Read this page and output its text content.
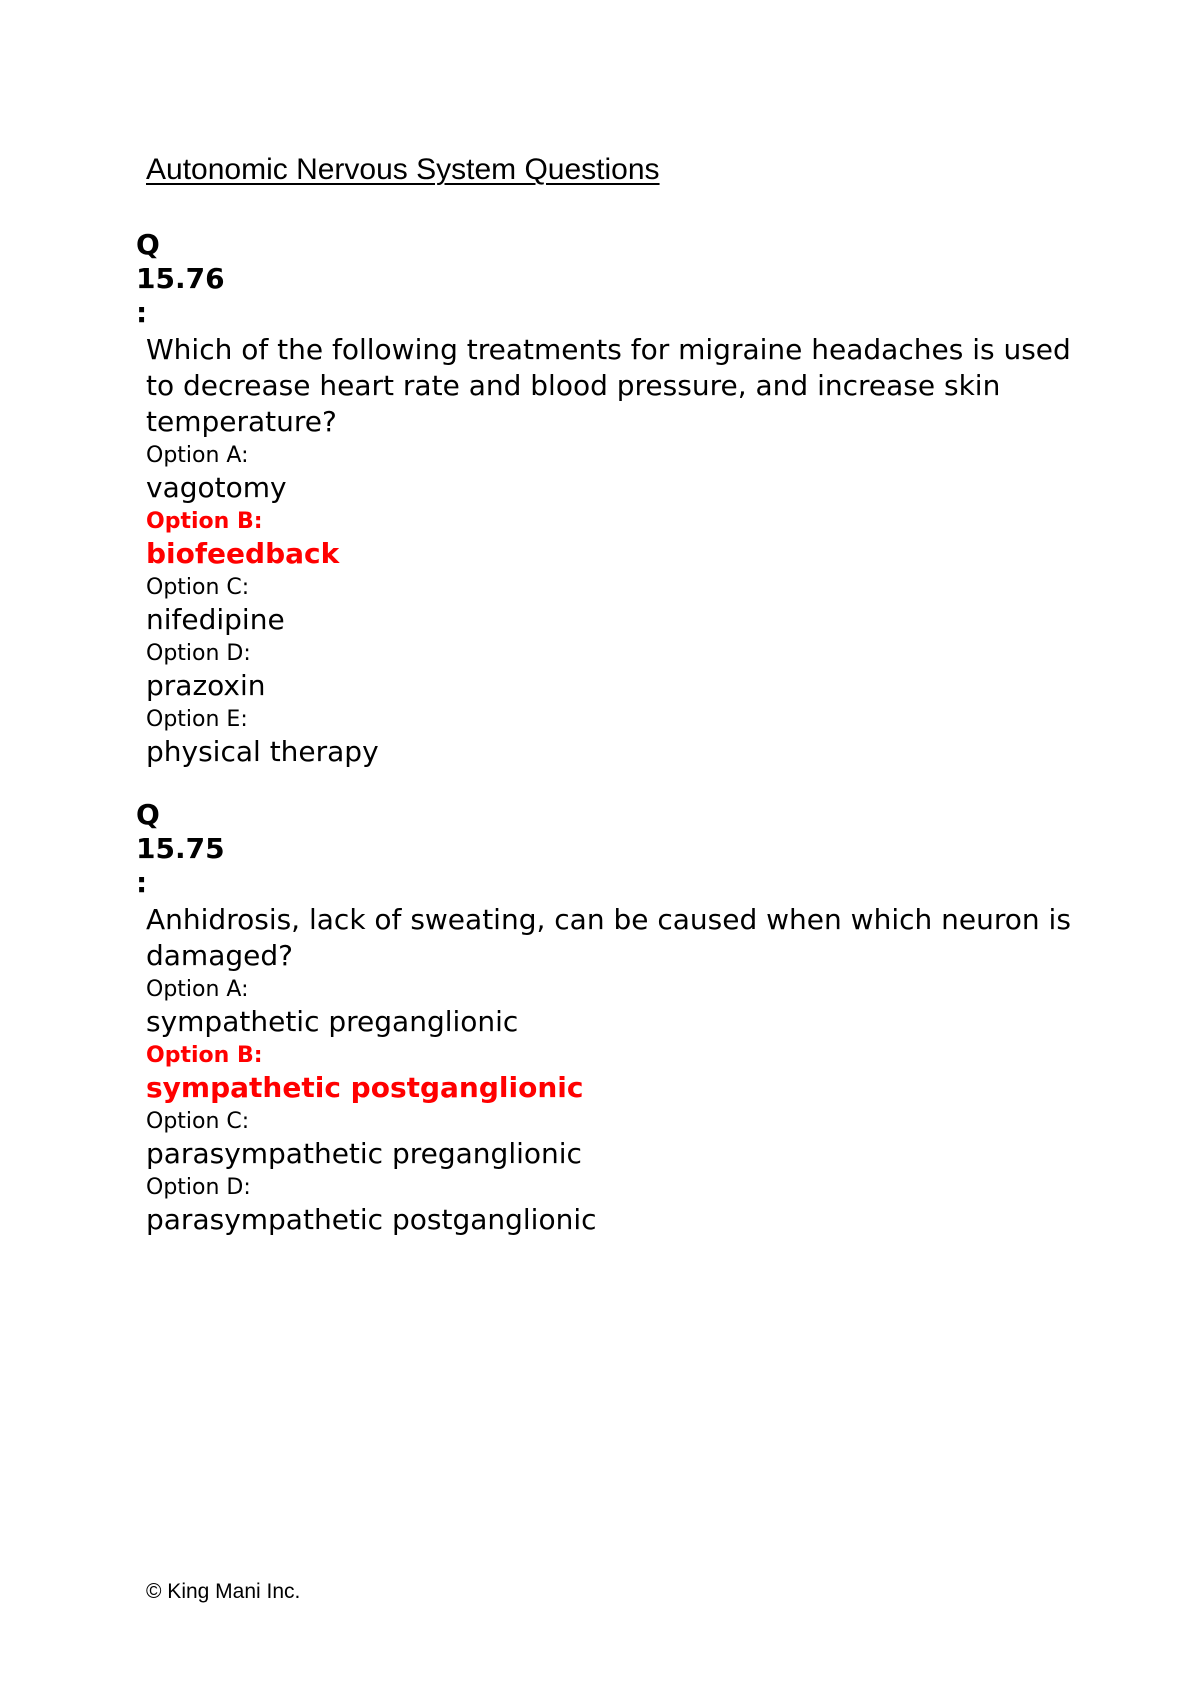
Autonomic Nervous System Questions
Q
15.76
:
Which of the following treatments for migraine headaches is used to decrease heart rate and blood pressure, and increase skin temperature?
Option A:
vagotomy
Option B:
biofeedback
Option C:
nifedipine
Option D:
prazoxin
Option E:
physical therapy
Q
15.75
:
Anhidrosis, lack of sweating, can be caused when which neuron is damaged?
Option A:
sympathetic preganglionic
Option B:
sympathetic postganglionic
Option C:
parasympathetic preganglionic
Option D:
parasympathetic postganglionic
© King Mani Inc.
